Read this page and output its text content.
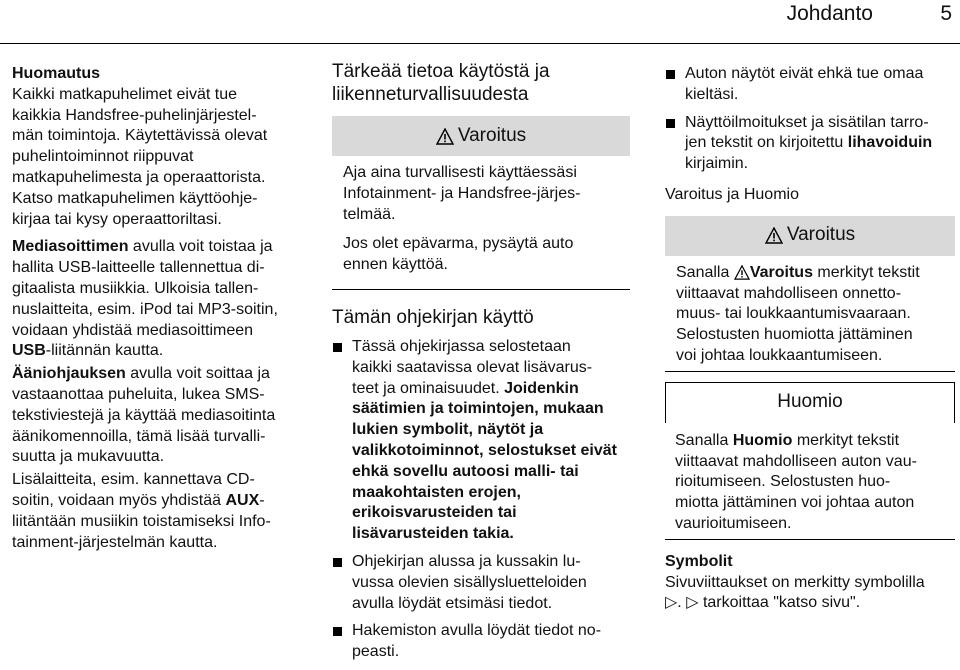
Johdanto	5
Huomautus
Kaikki matkapuhelimet eivät tue
kaikkia Handsfree-puhelinjärjestel-
män toimintoja. Käytettävissä olevat
puhelintoiminnot riippuvat
matkapuhelimesta ja operaattorista.
Katso matkapuhelimen käyttöohje-
kirjaa tai kysy operaattoriltasi.
Mediasoittimen avulla voit toistaa ja
hallita USB-laitteelle tallennettua di-
gitaalista musiikkia. Ulkoisia tallen-
nuslaitteita, esim. iPod tai MP3-soitin,
voidaan yhdistää mediasoittimeen
USB-liitännän kautta.
Ääniohjauksen avulla voit soittaa ja
vastaanottaa puheluita, lukea SMS-
tekstiviestejä ja käyttää mediasoitinta
äänikomennoilla, tämä lisää turvalli-
suutta ja mukavuutta.
Lisälaitteita, esim. kannettava CD-
soitin, voidaan myös yhdistää AUX-
liitäntään musiikin toistamiseksi Info-
tainment-järjestelmän kautta.
Tärkeää tietoa käytöstä ja
liikenneturvallisuudesta
Varoitus
Aja aina turvallisesti käyttäessäsi
Infotainment- ja Handsfree-järjes-
telmää.
Jos olet epävarma, pysäytä auto
ennen käyttöä.
Tämän ohjekirjan käyttö
Tässä ohjekirjassa selostetaan
kaikki saatavissa olevat lisävarus-
teet ja ominaisuudet. Joidenkin
säätimien ja toimintojen, mukaan
lukien symbolit, näytöt ja
valikkotoiminnot, selostukset eivät
ehkä sovellu autoosi malli- tai
maakohtaisten erojen,
erikoisvarusteiden tai
lisävarusteiden takia.
Ohjekirjan alussa ja kussakin lu-
vussa olevien sisällysluetteloiden
avulla löydät etsimäsi tiedot.
Hakemiston avulla löydät tiedot no-
peasti.
Auton näytöt eivät ehkä tue omaa
kieltäsi.
Näyttöilmoitukset ja sisätilan tarro-
jen tekstit on kirjoitettu lihavoiduin
kirjaimin.
Varoitus ja Huomio
Varoitus
Sanalla Varoitus merkityt tekstit
viittaavat mahdolliseen onnetto-
muus- tai loukkaantumisvaaraan.
Selostusten huomiotta jättäminen
voi johtaa loukkaantumiseen.
Huomio
Sanalla Huomio merkityt tekstit
viittaavat mahdolliseen auton vau-
rioitumiseen. Selostusten huo-
miotta jättäminen voi johtaa auton
vaurioitumiseen.
Symbolit
Sivuviittaukset on merkitty symbolilla
▷. ▷ tarkoittaa "katso sivu".
